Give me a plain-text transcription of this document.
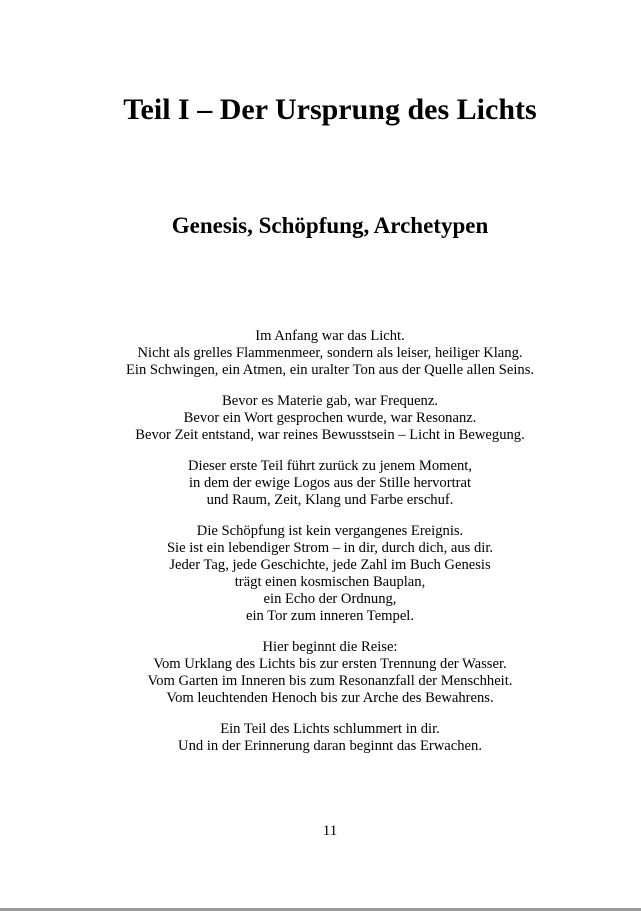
Teil I – Der Ursprung des Lichts
Genesis, Schöpfung, Archetypen

Im Anfang war das Licht.
Nicht als grelles Flammenmeer, sondern als leiser, heiliger Klang.
Ein Schwingen, ein Atmen, ein uralter Ton aus der Quelle allen Seins.

Bevor es Materie gab, war Frequenz.
Bevor ein Wort gesprochen wurde, war Resonanz.
Bevor Zeit entstand, war reines Bewusstsein – Licht in Bewegung.

Dieser erste Teil führt zurück zu jenem Moment,
in dem der ewige Logos aus der Stille hervortrat
und Raum, Zeit, Klang und Farbe erschuf.

Die Schöpfung ist kein vergangenes Ereignis.
Sie ist ein lebendiger Strom – in dir, durch dich, aus dir.
Jeder Tag, jede Geschichte, jede Zahl im Buch Genesis
trägt einen kosmischen Bauplan,
ein Echo der Ordnung,
ein Tor zum inneren Tempel.

Hier beginnt die Reise:
Vom Urklang des Lichts bis zur ersten Trennung der Wasser.
Vom Garten im Inneren bis zum Resonanzfall der Menschheit.
Vom leuchtenden Henoch bis zur Arche des Bewahrens.

Ein Teil des Lichts schlummert in dir.
Und in der Erinnerung daran beginnt das Erwachen.

11
